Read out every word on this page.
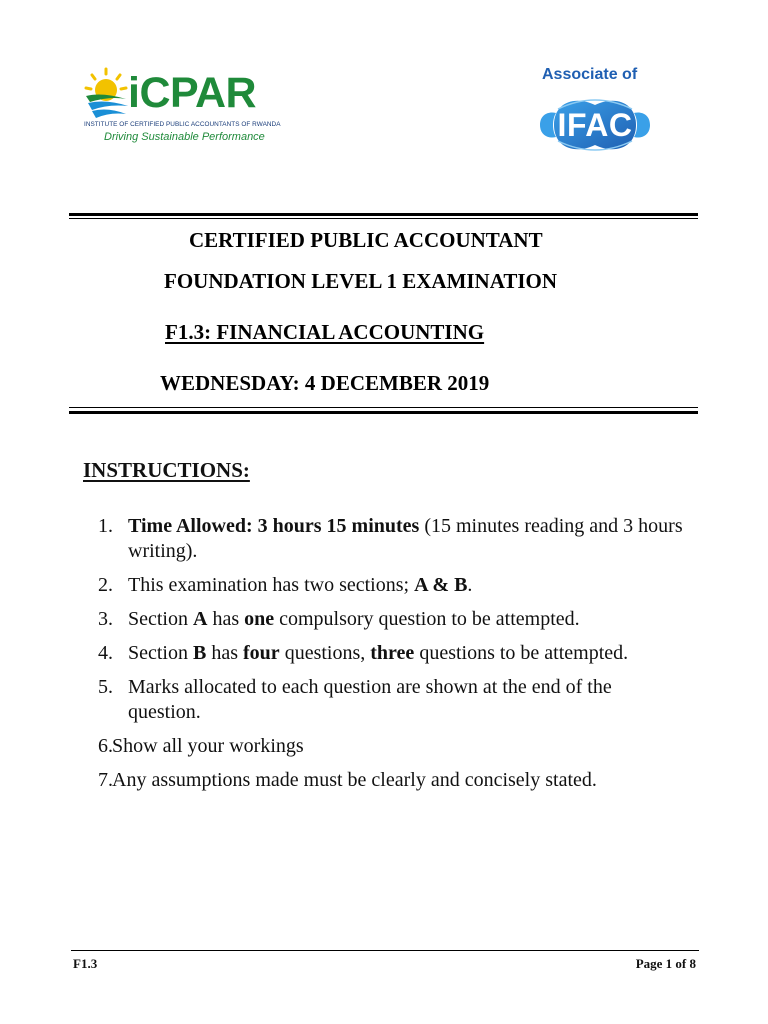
iCPAR
INSTITUTE OF CERTIFIED PUBLIC ACCOUNTANTS OF RWANDA
Driving Sustainable Performance
Associate of
IFAC
CERTIFIED PUBLIC ACCOUNTANT
FOUNDATION LEVEL 1 EXAMINATION
F1.3: FINANCIAL ACCOUNTING
WEDNESDAY: 4 DECEMBER 2019
INSTRUCTIONS:
1. Time Allowed: 3 hours 15 minutes (15 minutes reading and 3 hours writing).
2. This examination has two sections; A & B.
3. Section A has one compulsory question to be attempted.
4. Section B has four questions, three questions to be attempted.
5. Marks allocated to each question are shown at the end of the question.
6. Show all your workings
7. Any assumptions made must be clearly and concisely stated.
F1.3	Page 1 of 8
